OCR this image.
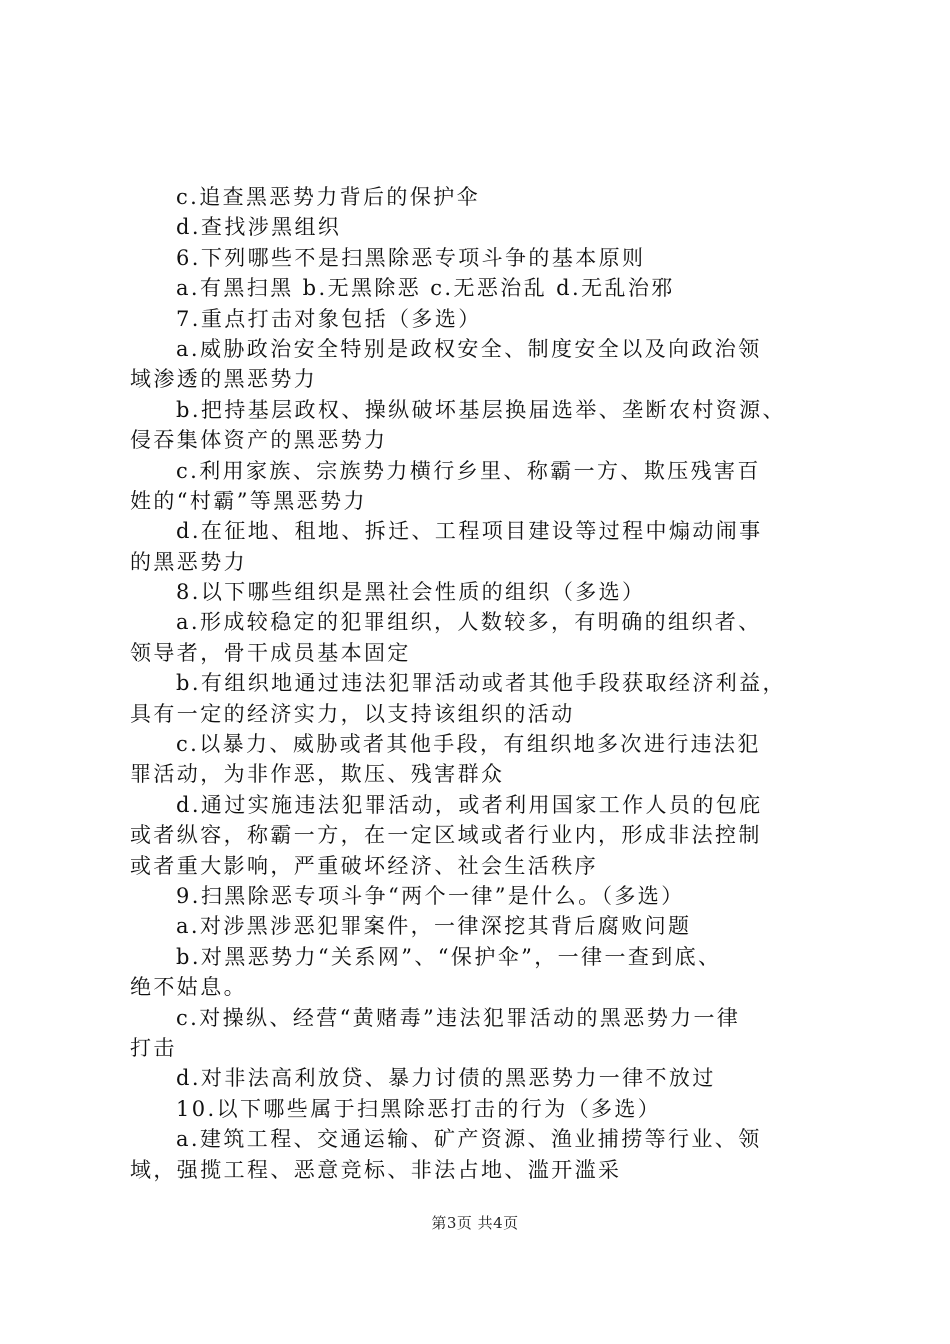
c.追查黑恶势力背后的保护伞
d.查找涉黑组织
6.下列哪些不是扫黑除恶专项斗争的基本原则
a.有黑扫黑 b.无黑除恶 c.无恶治乱 d.无乱治邪
7.重点打击对象包括（多选）
a.威胁政治安全特别是政权安全、制度安全以及向政治领
域渗透的黑恶势力
b.把持基层政权、操纵破坏基层换届选举、垄断农村资源、
侵吞集体资产的黑恶势力
c.利用家族、宗族势力横行乡里、称霸一方、欺压残害百
姓的“村霸”等黑恶势力
d.在征地、租地、拆迁、工程项目建设等过程中煽动闹事
的黑恶势力
8.以下哪些组织是黑社会性质的组织（多选）
a.形成较稳定的犯罪组织，人数较多，有明确的组织者、
领导者，骨干成员基本固定
b.有组织地通过违法犯罪活动或者其他手段获取经济利益，
具有一定的经济实力，以支持该组织的活动
c.以暴力、威胁或者其他手段，有组织地多次进行违法犯
罪活动，为非作恶，欺压、残害群众
d.通过实施违法犯罪活动，或者利用国家工作人员的包庇
或者纵容，称霸一方，在一定区域或者行业内，形成非法控制
或者重大影响，严重破坏经济、社会生活秩序
9.扫黑除恶专项斗争“两个一律”是什么。（多选）
a.对涉黑涉恶犯罪案件，一律深挖其背后腐败问题
b.对黑恶势力“关系网”、“保护伞”，一律一查到底、
绝不姑息。
c.对操纵、经营“黄赌毒”违法犯罪活动的黑恶势力一律
打击
d.对非法高利放贷、暴力讨债的黑恶势力一律不放过
10.以下哪些属于扫黑除恶打击的行为（多选）
a.建筑工程、交通运输、矿产资源、渔业捕捞等行业、领
域，强揽工程、恶意竞标、非法占地、滥开滥采
第3页 共4页
